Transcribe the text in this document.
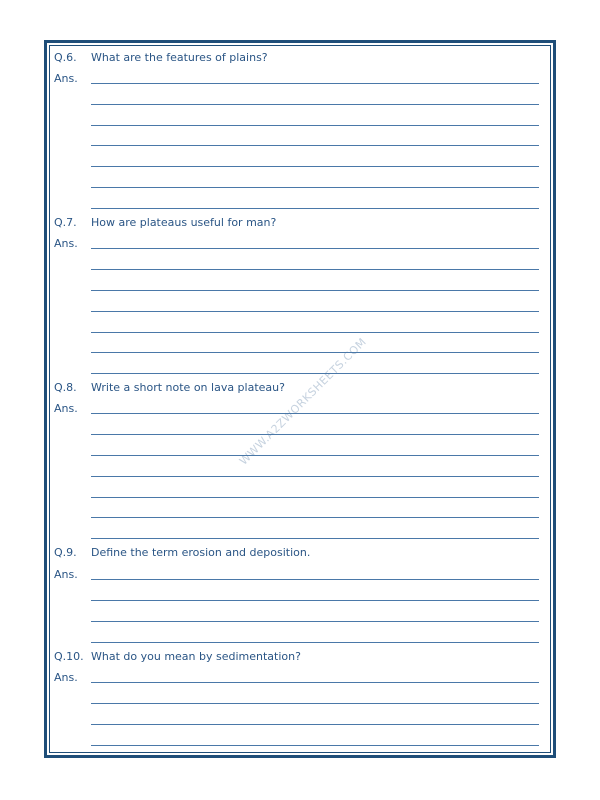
WWW.A2ZWORKSHEETS.COM
Q.6. What are the features of plains?
Ans.
Q.7. How are plateaus useful for man?
Ans.
Q.8. Write a short note on lava plateau?
Ans.
Q.9. Define the term erosion and deposition.
Ans.
Q.10. What do you mean by sedimentation?
Ans.
